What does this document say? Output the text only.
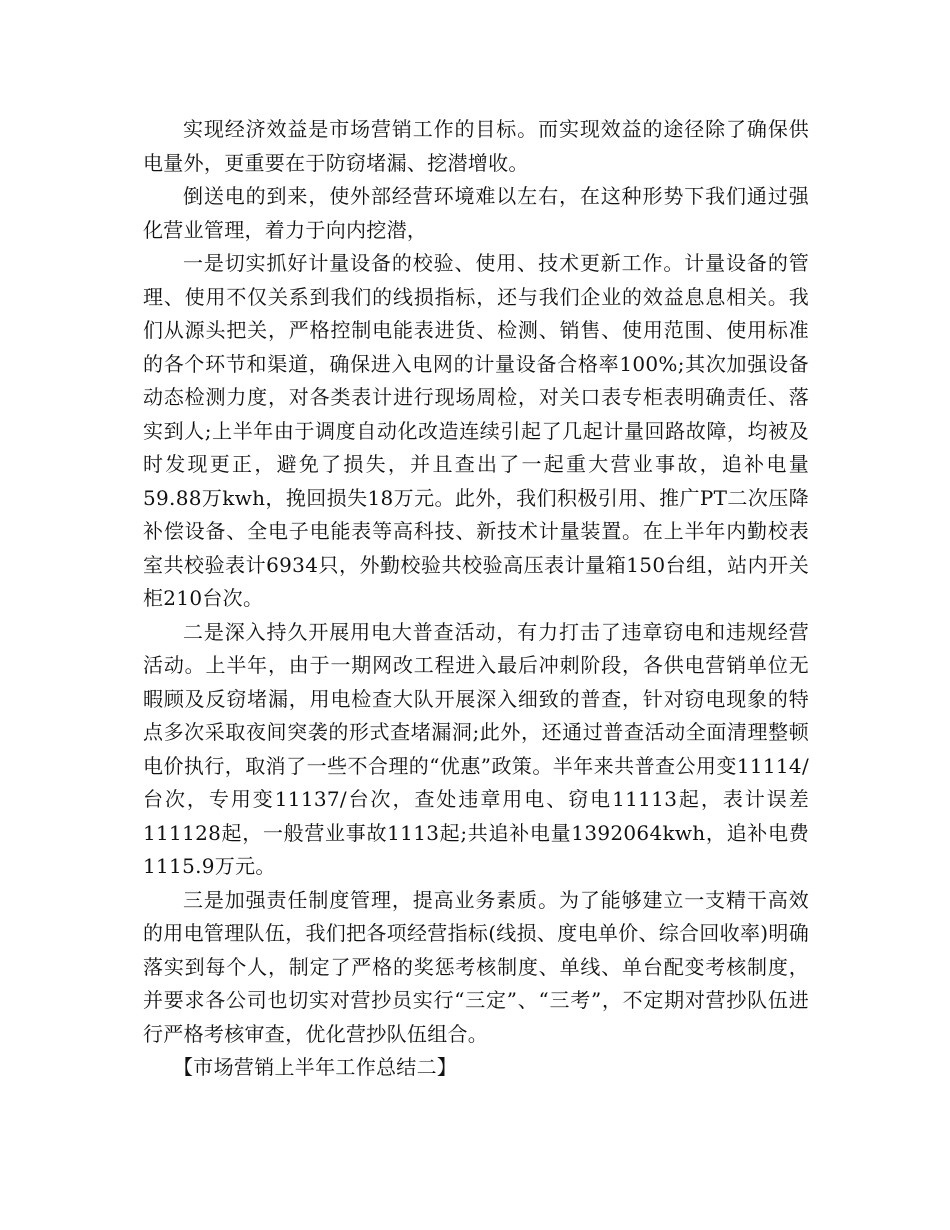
实现经济效益是市场营销工作的目标。而实现效益的途径除了确保供电量外，更重要在于防窃堵漏、挖潜增收。

倒送电的到来，使外部经营环境难以左右，在这种形势下我们通过强化营业管理，着力于向内挖潜，

一是切实抓好计量设备的校验、使用、技术更新工作。计量设备的管理、使用不仅关系到我们的线损指标，还与我们企业的效益息息相关。我们从源头把关，严格控制电能表进货、检测、销售、使用范围、使用标准的各个环节和渠道，确保进入电网的计量设备合格率100%;其次加强设备动态检测力度，对各类表计进行现场周检，对关口表专柜表明确责任、落实到人;上半年由于调度自动化改造连续引起了几起计量回路故障，均被及时发现更正，避免了损失，并且查出了一起重大营业事故，追补电量59.88万kwh，挽回损失18万元。此外，我们积极引用、推广PT二次压降补偿设备、全电子电能表等高科技、新技术计量装置。在上半年内勤校表室共校验表计6934只，外勤校验共校验高压表计量箱150台组，站内开关柜210台次。

二是深入持久开展用电大普查活动，有力打击了违章窃电和违规经营活动。上半年，由于一期网改工程进入最后冲刺阶段，各供电营销单位无暇顾及反窃堵漏，用电检查大队开展深入细致的普查，针对窃电现象的特点多次采取夜间突袭的形式查堵漏洞;此外，还通过普查活动全面清理整顿电价执行，取消了一些不合理的“优惠”政策。半年来共普查公用变11114/台次，专用变11137/台次，查处违章用电、窃电11113起，表计误差111128起，一般营业事故1113起;共追补电量1392064kwh，追补电费1115.9万元。

三是加强责任制度管理，提高业务素质。为了能够建立一支精干高效的用电管理队伍，我们把各项经营指标(线损、度电单价、综合回收率)明确落实到每个人，制定了严格的奖惩考核制度、单线、单台配变考核制度，并要求各公司也切实对营抄员实行“三定”、“三考”，不定期对营抄队伍进行严格考核审查，优化营抄队伍组合。

【市场营销上半年工作总结二】
